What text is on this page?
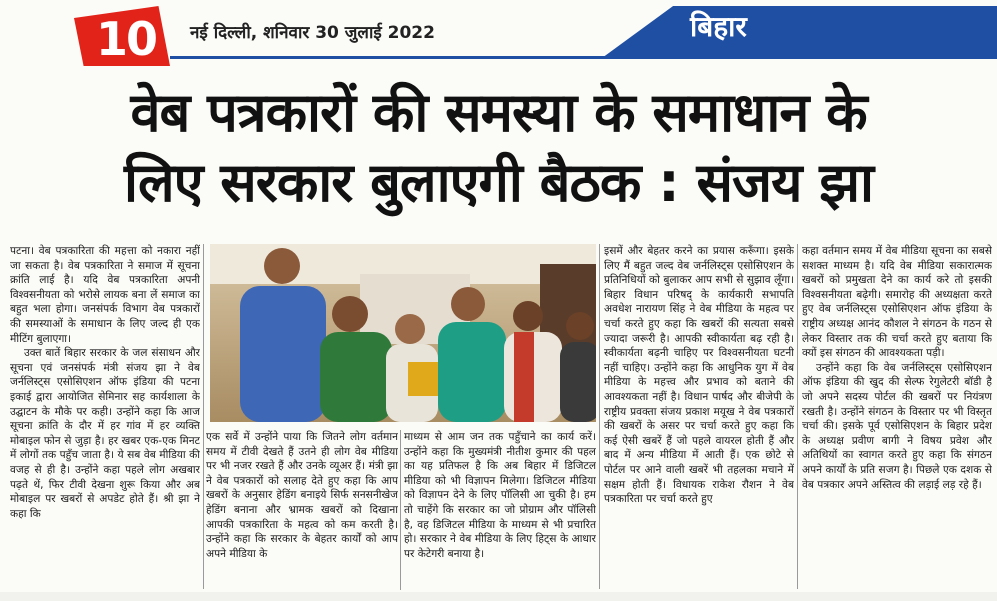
10 नई दिल्ली, शनिवार 30 जुलाई 2022	बिहार
वेब पत्रकारों की समस्या के समाधान के
लिए सरकार बुलाएगी बैठक : संजय झा

पटना। वेब पत्रकारिता की महत्ता को नकारा नहीं जा सकता है। वेब पत्रकारिता ने समाज में सूचना क्रांति लाई है। यदि वेब पत्रकारिता अपनी विश्वसनीयता को भरोसे लायक बना लें समाज का बहुत भला होगा। जनसंपर्क विभाग वेब पत्रकारों की समस्याओं के समाधान के लिए जल्द ही एक मीटिंग बुलाएगा।

उक्त बातें बिहार सरकार के जल संसाधन और सूचना एवं जनसंपर्क मंत्री संजय झा ने वेब जर्नलिस्ट्स एसोसिएशन ऑफ इंडिया की पटना इकाई द्वारा आयोजित सेमिनार सह कार्यशाला के उद्घाटन के मौके पर कही। उन्होंने कहा कि आज सूचना क्रांति के दौर में हर गांव में हर व्यक्ति मोबाइल फोन से जुड़ा है। हर खबर एक-एक मिनट में लोगों तक पहुँच जाता है। ये सब वेब मीडिया की वजह से ही है। उन्होंने कहा पहले लोग अखबार पढ़ते थें, फिर टीवी देखना शुरू किया और अब मोबाइल पर खबरों से अपडेट होते हैं। श्री झा ने कहा कि

एक सर्वे में उन्होंने पाया कि जितने लोग वर्तमान समय में टीवी देखते हैं उतने ही लोग वेब मीडिया पर भी नजर रखते हैं और उनके व्यूअर हैं। मंत्री झा ने वेब पत्रकारों को सलाह देते हुए कहा कि आप खबरों के अनुसार हेडिंग बनाइये सिर्फ सनसनीखेज हेडिंग बनाना और भ्रामक खबरों को दिखाना आपकी पत्रकारिता के महत्व को कम करती है। उन्होंने कहा कि सरकार के बेहतर कार्यों को आप अपने मीडिया के

माध्यम से आम जन तक पहुँचाने का कार्य करें। उन्होंने कहा कि मुख्यमंत्री नीतीश कुमार की पहल का यह प्रतिफल है कि अब बिहार में डिजिटल मीडिया को भी विज्ञापन मिलेगा। डिजिटल मीडिया को विज्ञापन देने के लिए पॉलिसी आ चुकी है। हम तो चाहेंगे कि सरकार का जो प्रोग्राम और पॉलिसी है, वह डिजिटल मीडिया के माध्यम से भी प्रचारित हो। सरकार ने वेब मीडिया के लिए हिट्स के आधार पर केटेगरी बनाया है।

इसमें और बेहतर करने का प्रयास करूँगा। इसके लिए मैं बहुत जल्द वेब जर्नलिस्ट्स एसोसिएशन के प्रतिनिधियों को बुलाकर आप सभी से सुझाव लूँगा। बिहार विधान परिषद् के कार्यकारी सभापति अवधेश नारायण सिंह ने वेब मीडिया के महत्व पर चर्चा करते हुए कहा कि खबरों की सत्यता सबसे ज्यादा जरूरी है। आपकी स्वीकार्यता बढ़ रही है। स्वीकार्यता बढ़नी चाहिए पर विश्वसनीयता घटनी नहीं चाहिए। उन्होंने कहा कि आधुनिक युग में वेब मीडिया के महत्त्व और प्रभाव को बताने की आवश्यकता नहीं है। विधान पार्षद और बीजेपी के राष्ट्रीय प्रवक्ता संजय प्रकाश मयूख ने वेब पत्रकारों की खबरों के असर पर चर्चा करते हुए कहा कि कई ऐसी खबरें हैं जो पहले वायरल होती हैं और बाद में अन्य मीडिया में आती हैं। एक छोटे से पोर्टल पर आने वाली खबरें भी तहलका मचाने में सक्षम होती हैं। विधायक राकेश रौशन ने वेब पत्रकारिता पर चर्चा करते हुए

कहा वर्तमान समय में वेब मीडिया सूचना का सबसे सशक्त माध्यम है। यदि वेब मीडिया सकारात्मक खबरों को प्रमुखता देने का कार्य करे तो इसकी विश्वसनीयता बढ़ेगी। समारोह की अध्यक्षता करते हुए वेब जर्नलिस्ट्स एसोसिएशन ऑफ इंडिया के राष्ट्रीय अध्यक्ष आनंद कौशल ने संगठन के गठन से लेकर विस्तार तक की चर्चा करते हुए बताया कि क्यों इस संगठन की आवश्यकता पड़ी।

उन्होंने कहा कि वेब जर्नलिस्ट्स एसोसिएशन ऑफ इंडिया की खुद की सेल्फ रेगुलेटरी बॉडी है जो अपने सदस्य पोर्टल की खबरों पर नियंत्रण रखती है। उन्होंने संगठन के विस्तार पर भी विस्तृत चर्चा की। इसके पूर्व एसोसिएशन के बिहार प्रदेश के अध्यक्ष प्रवीण बागी ने विषय प्रवेश और अतिथियों का स्वागत करते हुए कहा कि संगठन अपने कार्यों के प्रति सजग है। पिछले एक दशक से वेब पत्रकार अपने अस्तित्व की लड़ाई लड़ रहे हैं।
